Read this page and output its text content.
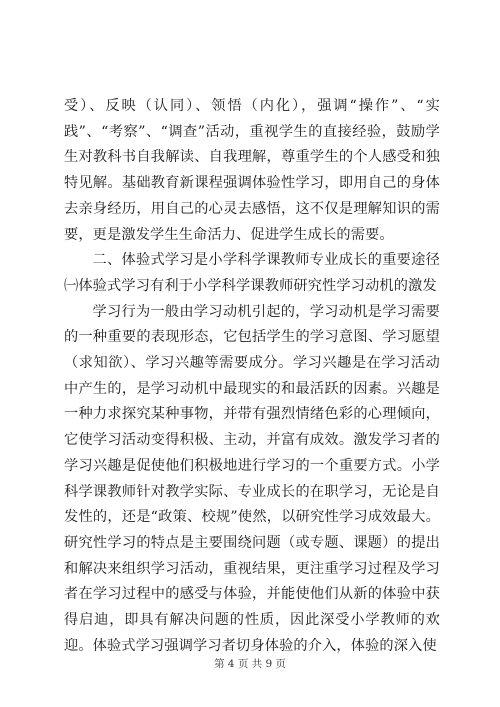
受）、反映（认同）、领悟（内化），强调“操作”、“实践”、“考察”、“调查”活动，重视学生的直接经验，鼓励学生对教科书自我解读、自我理解，尊重学生的个人感受和独特见解。基础教育新课程强调体验性学习，即用自己的身体去亲身经历，用自己的心灵去感悟，这不仅是理解知识的需要，更是激发学生生命活力、促进学生成长的需要。

二、体验式学习是小学科学课教师专业成长的重要途径㈠体验式学习有利于小学科学课教师研究性学习动机的激发

学习行为一般由学习动机引起的，学习动机是学习需要的一种重要的表现形态，它包括学生的学习意图、学习愿望（求知欲）、学习兴趣等需要成分。学习兴趣是在学习活动中产生的，是学习动机中最现实的和最活跃的因素。兴趣是一种力求探究某种事物，并带有强烈情绪色彩的心理倾向，它使学习活动变得积极、主动，并富有成效。激发学习者的学习兴趣是促使他们积极地进行学习的一个重要方式。小学科学课教师针对教学实际、专业成长的在职学习，无论是自发性的，还是“政策、校规”使然，以研究性学习成效最大。研究性学习的特点是主要围绕问题（或专题、课题）的提出和解决来组织学习活动，重视结果，更注重学习过程及学习者在学习过程中的感受与体验，并能使他们从新的体验中获得启迪，即具有解决问题的性质，因此深受小学教师的欢迎。体验式学习强调学习者切身体验的介入，体验的深入使

第 4 页 共 9 页
